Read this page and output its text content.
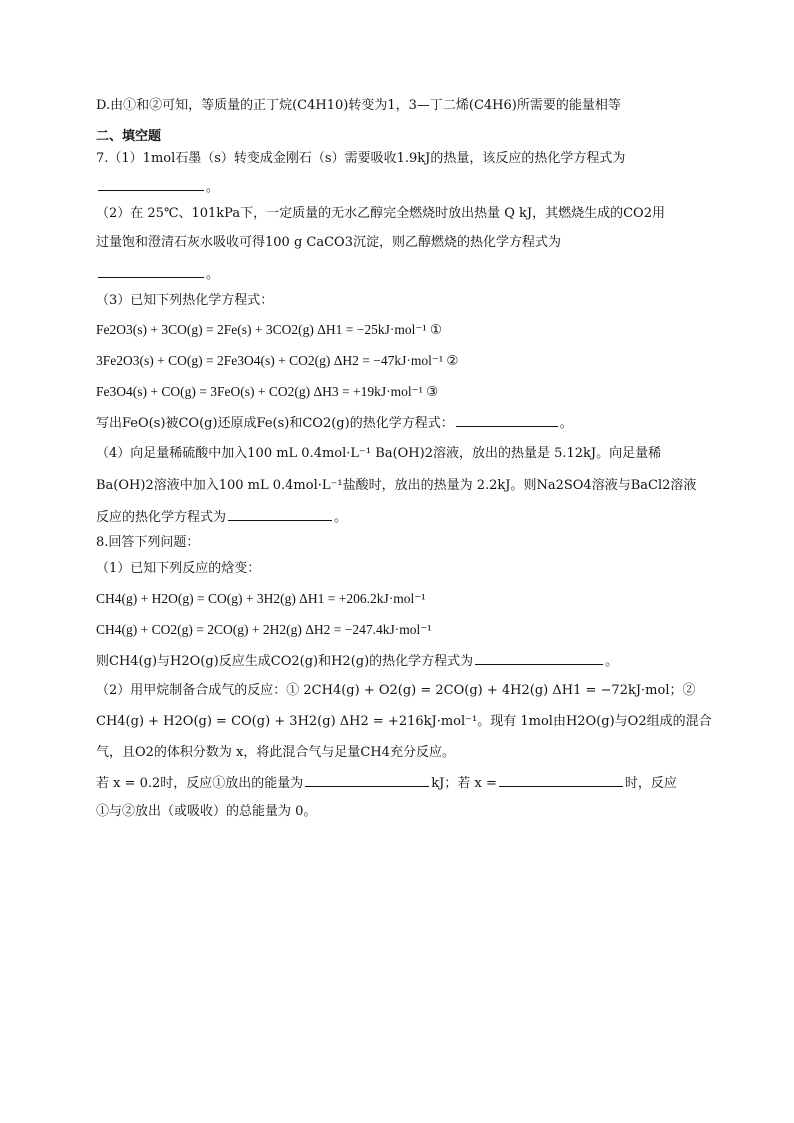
D.由①和②可知，等质量的正丁烷(C4H10)转变为1，3—丁二烯(C4H6)所需要的能量相等
二、填空题
7.（1）1mol石墨（s）转变成金刚石（s）需要吸收1.9kJ的热量，该反应的热化学方程式为
。
（2）在 25℃、101kPa下，一定质量的无水乙醇完全燃烧时放出热量 Q kJ，其燃烧生成的CO2用
过量饱和澄清石灰水吸收可得100 g CaCO3沉淀，则乙醇燃烧的热化学方程式为
。
（3）已知下列热化学方程式：
Fe2O3(s) + 3CO(g) = 2Fe(s) + 3CO2(g) ΔH1 = −25kJ·mol⁻¹ ①
3Fe2O3(s) + CO(g) = 2Fe3O4(s) + CO2(g) ΔH2 = −47kJ·mol⁻¹ ②
Fe3O4(s) + CO(g) = 3FeO(s) + CO2(g) ΔH3 = +19kJ·mol⁻¹ ③
写出FeO(s)被CO(g)还原成Fe(s)和CO2(g)的热化学方程式：	。
（4）向足量稀硫酸中加入100 mL 0.4mol·L⁻¹ Ba(OH)2溶液，放出的热量是 5.12kJ。向足量稀
Ba(OH)2溶液中加入100 mL 0.4mol·L⁻¹盐酸时，放出的热量为 2.2kJ。则Na2SO4溶液与BaCl2溶液
反应的热化学方程式为	。
8.回答下列问题：
（1）已知下列反应的焓变：
CH4(g) + H2O(g) = CO(g) + 3H2(g) ΔH1 = +206.2kJ·mol⁻¹
CH4(g) + CO2(g) = 2CO(g) + 2H2(g) ΔH2 = −247.4kJ·mol⁻¹
则CH4(g)与H2O(g)反应生成CO2(g)和H2(g)的热化学方程式为	。
（2）用甲烷制备合成气的反应：① 2CH4(g) + O2(g) = 2CO(g) + 4H2(g) ΔH1 = −72kJ·mol；②
CH4(g) + H2O(g) = CO(g) + 3H2(g) ΔH2 = +216kJ·mol⁻¹。现有 1mol由H2O(g)与O2组成的混合
气，且O2的体积分数为 x，将此混合气与足量CH4充分反应。
若 x = 0.2时，反应①放出的能量为	kJ；若 x =	时，反应
①与②放出（或吸收）的总能量为 0。
